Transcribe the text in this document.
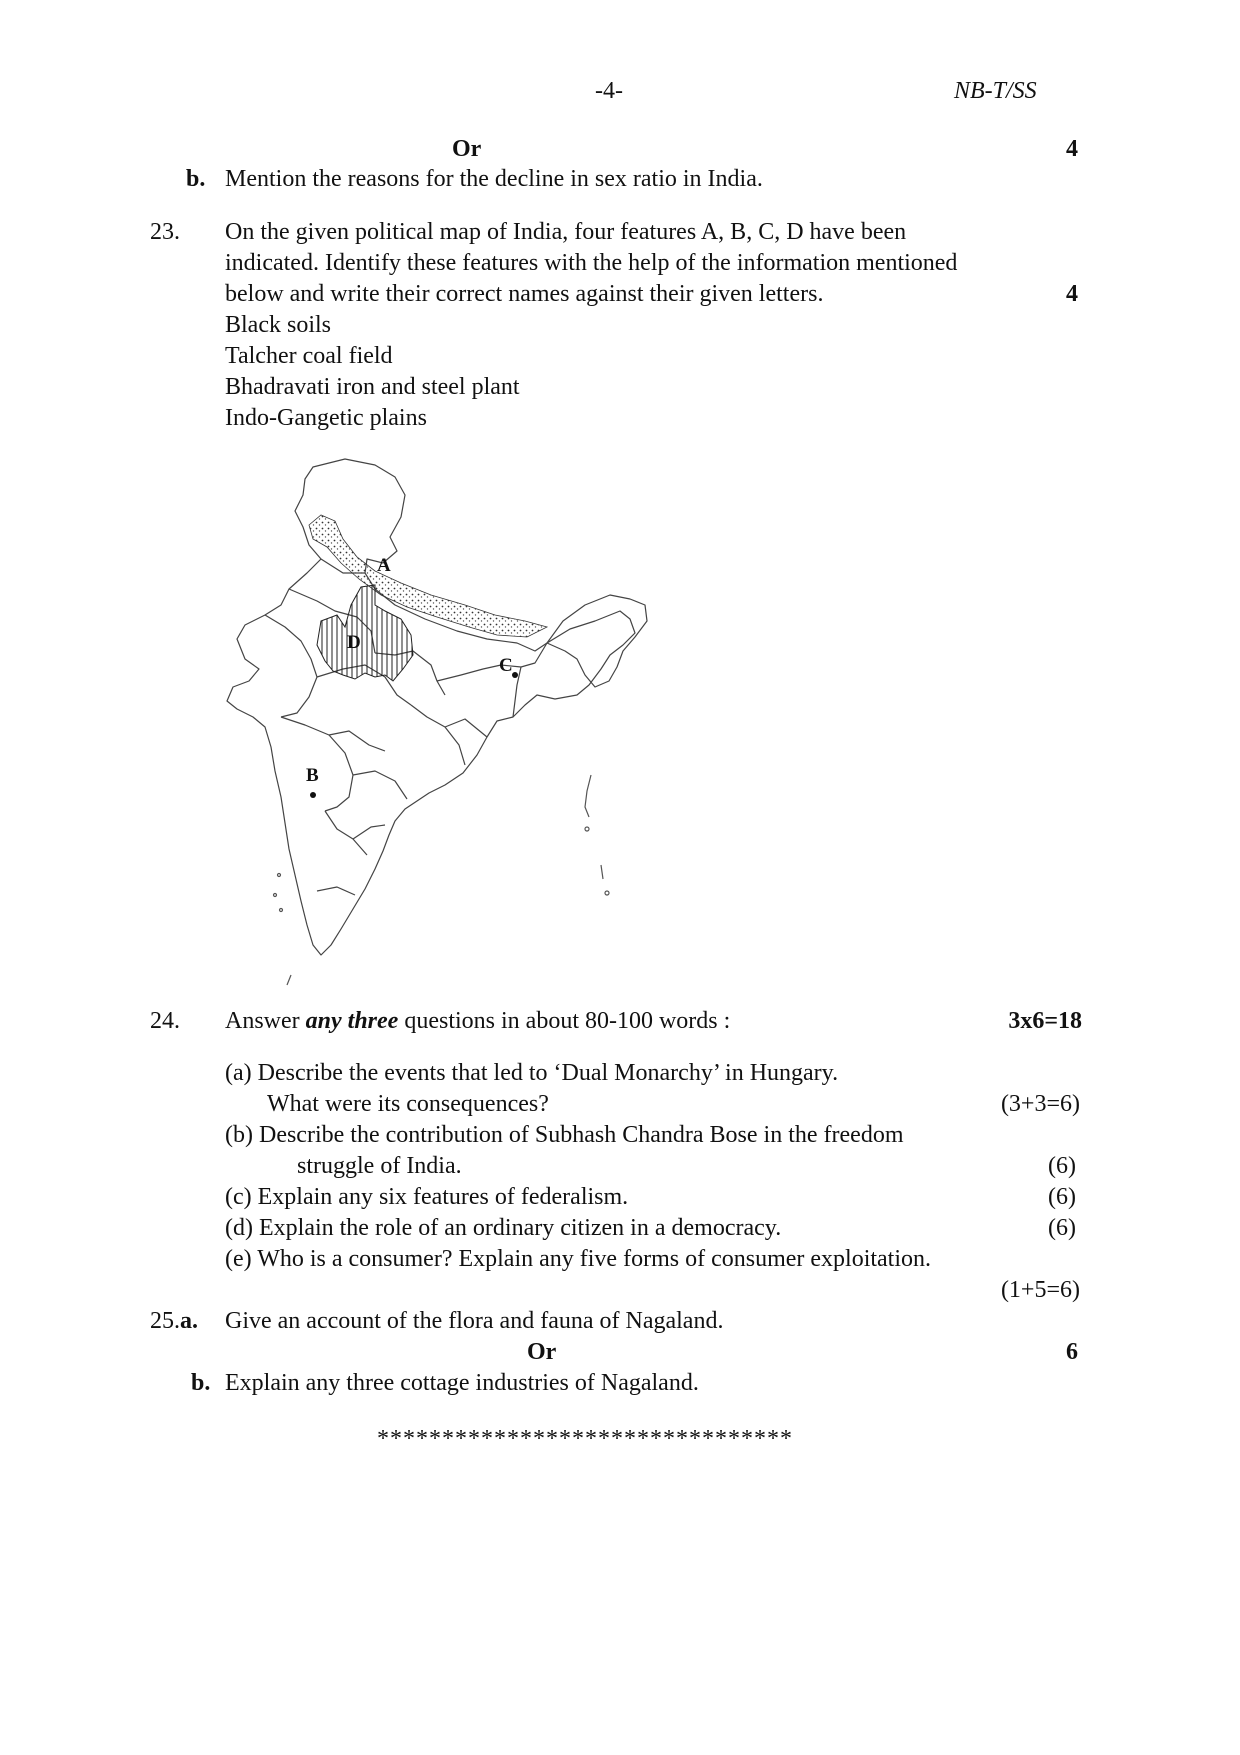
-4-	NB-T/SS
Or	4
b. Mention the reasons for the decline in sex ratio in India.
23. On the given political map of India, four features A, B, C, D have been
indicated. Identify these features with the help of the information mentioned
below and write their correct names against their given letters.	4
Black soils
Talcher coal field
Bhadravati iron and steel plant
Indo-Gangetic plains
A
D
C
B
24. Answer any three questions in about 80-100 words :	3x6=18
(a) Describe the events that led to ‘Dual Monarchy’ in Hungary.
What were its consequences?	(3+3=6)
(b) Describe the contribution of Subhash Chandra Bose in the freedom
struggle of India.	(6)
(c) Explain any six features of federalism.	(6)
(d) Explain the role of an ordinary citizen in a democracy.	(6)
(e) Who is a consumer? Explain any five forms of consumer exploitation.
(1+5=6)
25.a. Give an account of the flora and fauna of Nagaland.
Or	6
b. Explain any three cottage industries of Nagaland.
********************************
